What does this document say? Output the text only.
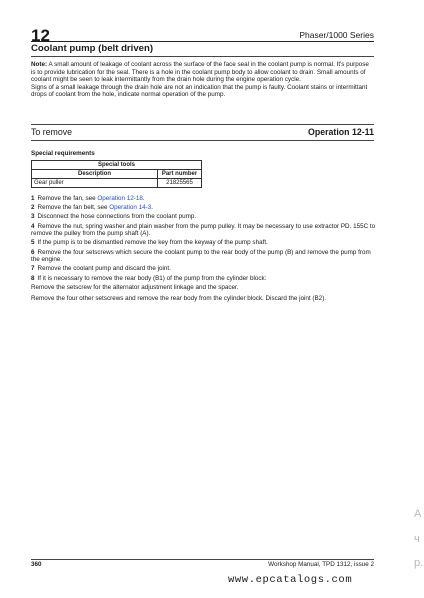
12	Phaser/1000 Series
Coolant pump (belt driven)

Note: A small amount of leakage of coolant across the surface of the face seal in the coolant pump is normal. It's purpose is to provide lubrication for the seal. There is a hole in the coolant pump body to allow coolant to drain. Small amounts of coolant might be seen to leak intermittantly from the drain hole during the engine operation cycle.

Signs of a small leakage through the drain hole are not an indication that the pump is faulty. Coolant stains or intermittant drops of coolant from the hole, indicate normal operation of the pump.

To remove	Operation 12-11
Special requirements
Special tools	
Description	Part number
Gear puller	21825565
1 Remove the fan, see Operation 12-18.
2 Remove the fan belt, see Operation 14-3.
3 Disconnect the hose connections from the coolant pump.
4 Remove the nut, spring washer and plain washer from the pump pulley. It may be necessary to use extractor PD. 155C to remove the pulley from the pump shaft (A).
5 If the pump is to be dismantled remove the key from the keyway of the pump shaft.
6 Remove the four setscrews which secure the coolant pump to the rear body of the pump (B) and remove the pump from the engine.
7 Remove the coolant pump and discard the joint.
8 If it is necessary to remove the rear body (B1) of the pump from the cylinder block:
Remove the setscrew for the alternator adjustment linkage and the spacer.
Remove the four other setscrews and remove the rear body from the cylinder block. Discard the joint (B2).
360	Workshop Manual, TPD 1312, issue 2
www.epcatalogs.com
A
ч
р.
